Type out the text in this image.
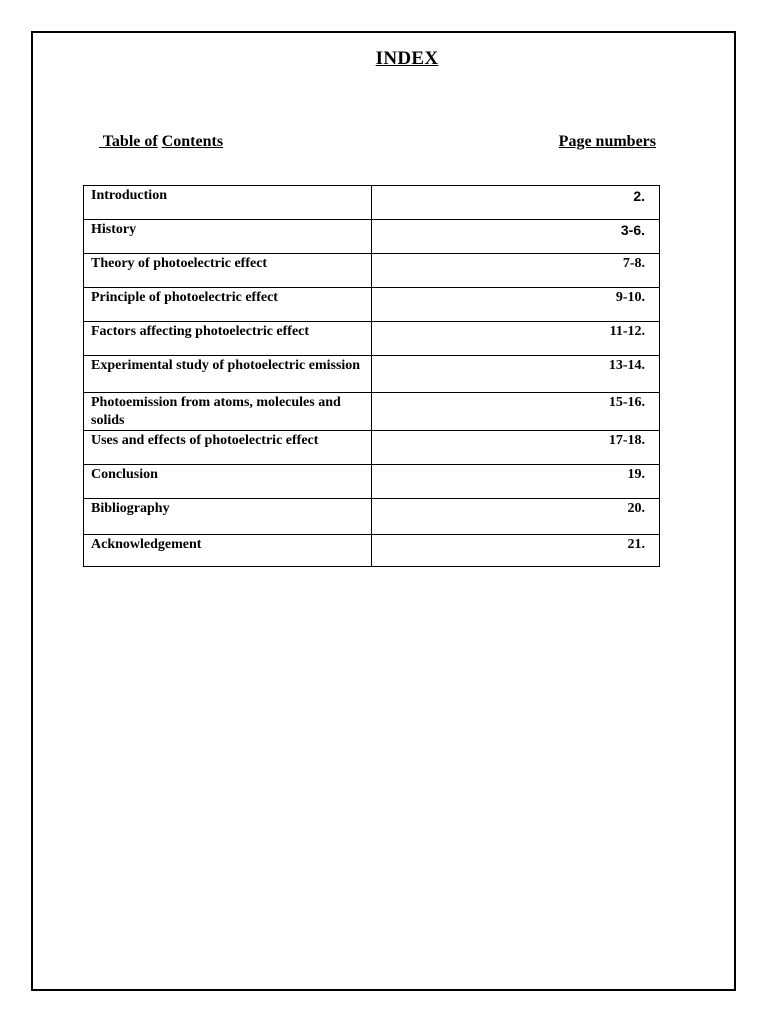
INDEX
Table of Contents	Page numbers
Introduction	2.
History	3-6.
Theory of photoelectric effect	7-8.
Principle of photoelectric effect	9-10.
Factors affecting photoelectric effect	11-12.
Experimental study of photoelectric emission	13-14.
Photoemission from atoms, molecules and solids	15-16.
Uses and effects of photoelectric effect	17-18.
Conclusion	19.
Bibliography	20.
Acknowledgement	21.
